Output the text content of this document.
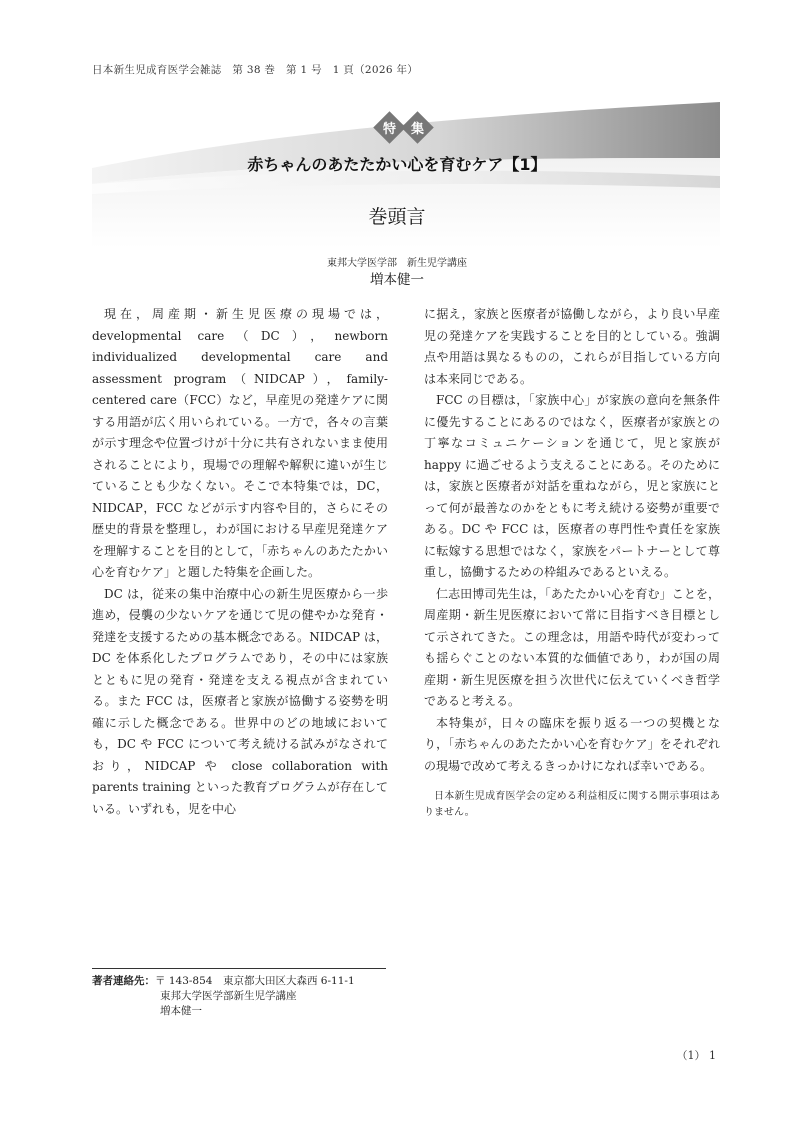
日本新生児成育医学会雑誌　第 38 巻　第 1 号　1 頁（2026 年）
特	集
赤ちゃんのあたたかい心を育むケア【1】
巻頭言
東邦大学医学部　新生児学講座
増本健一

現在，周産期・新生児医療の現場では，developmental care（DC），newborn individualized developmental care and assessment program（NIDCAP），family-centered care（FCC）など，早産児の発達ケアに関する用語が広く用いられている。一方で，各々の言葉が示す理念や位置づけが十分に共有されないまま使用されることにより，現場での理解や解釈に違いが生じていることも少なくない。そこで本特集では，DC，NIDCAP，FCC などが示す内容や目的，さらにその歴史的背景を整理し，わが国における早産児発達ケアを理解することを目的として，「赤ちゃんのあたたかい心を育むケア」と題した特集を企画した。

DC は，従来の集中治療中心の新生児医療から一歩進め，侵襲の少ないケアを通じて児の健やかな発育・発達を支援するための基本概念である。NIDCAP は，DC を体系化したプログラムであり，その中には家族とともに児の発育・発達を支える視点が含まれている。また FCC は，医療者と家族が協働する姿勢を明確に示した概念である。世界中のどの地域においても，DC や FCC について考え続ける試みがなされており，NIDCAP や close collaboration with parents training といった教育プログラムが存在している。いずれも，児を中心

に据え，家族と医療者が協働しながら，より良い早産児の発達ケアを実践することを目的としている。強調点や用語は異なるものの，これらが目指している方向は本来同じである。

FCC の目標は，「家族中心」が家族の意向を無条件に優先することにあるのではなく，医療者が家族との丁寧なコミュニケーションを通じて，児と家族が happy に過ごせるよう支えることにある。そのためには，家族と医療者が対話を重ねながら，児と家族にとって何が最善なのかをともに考え続ける姿勢が重要である。DC や FCC は，医療者の専門性や責任を家族に転嫁する思想ではなく，家族をパートナーとして尊重し，協働するための枠組みであるといえる。

仁志田博司先生は，「あたたかい心を育む」ことを，周産期・新生児医療において常に目指すべき目標として示されてきた。この理念は，用語や時代が変わっても揺らぐことのない本質的な価値であり，わが国の周産期・新生児医療を担う次世代に伝えていくべき哲学であると考える。

本特集が，日々の臨床を振り返る一つの契機となり，「赤ちゃんのあたたかい心を育むケア」をそれぞれの現場で改めて考えるきっかけになれば幸いである。

日本新生児成育医学会の定める利益相反に関する開示事項はありません。

著者連絡先：〒 143-854　東京都大田区大森西 6-11-1
東邦大学医学部新生児学講座
増本健一
（1） 1
